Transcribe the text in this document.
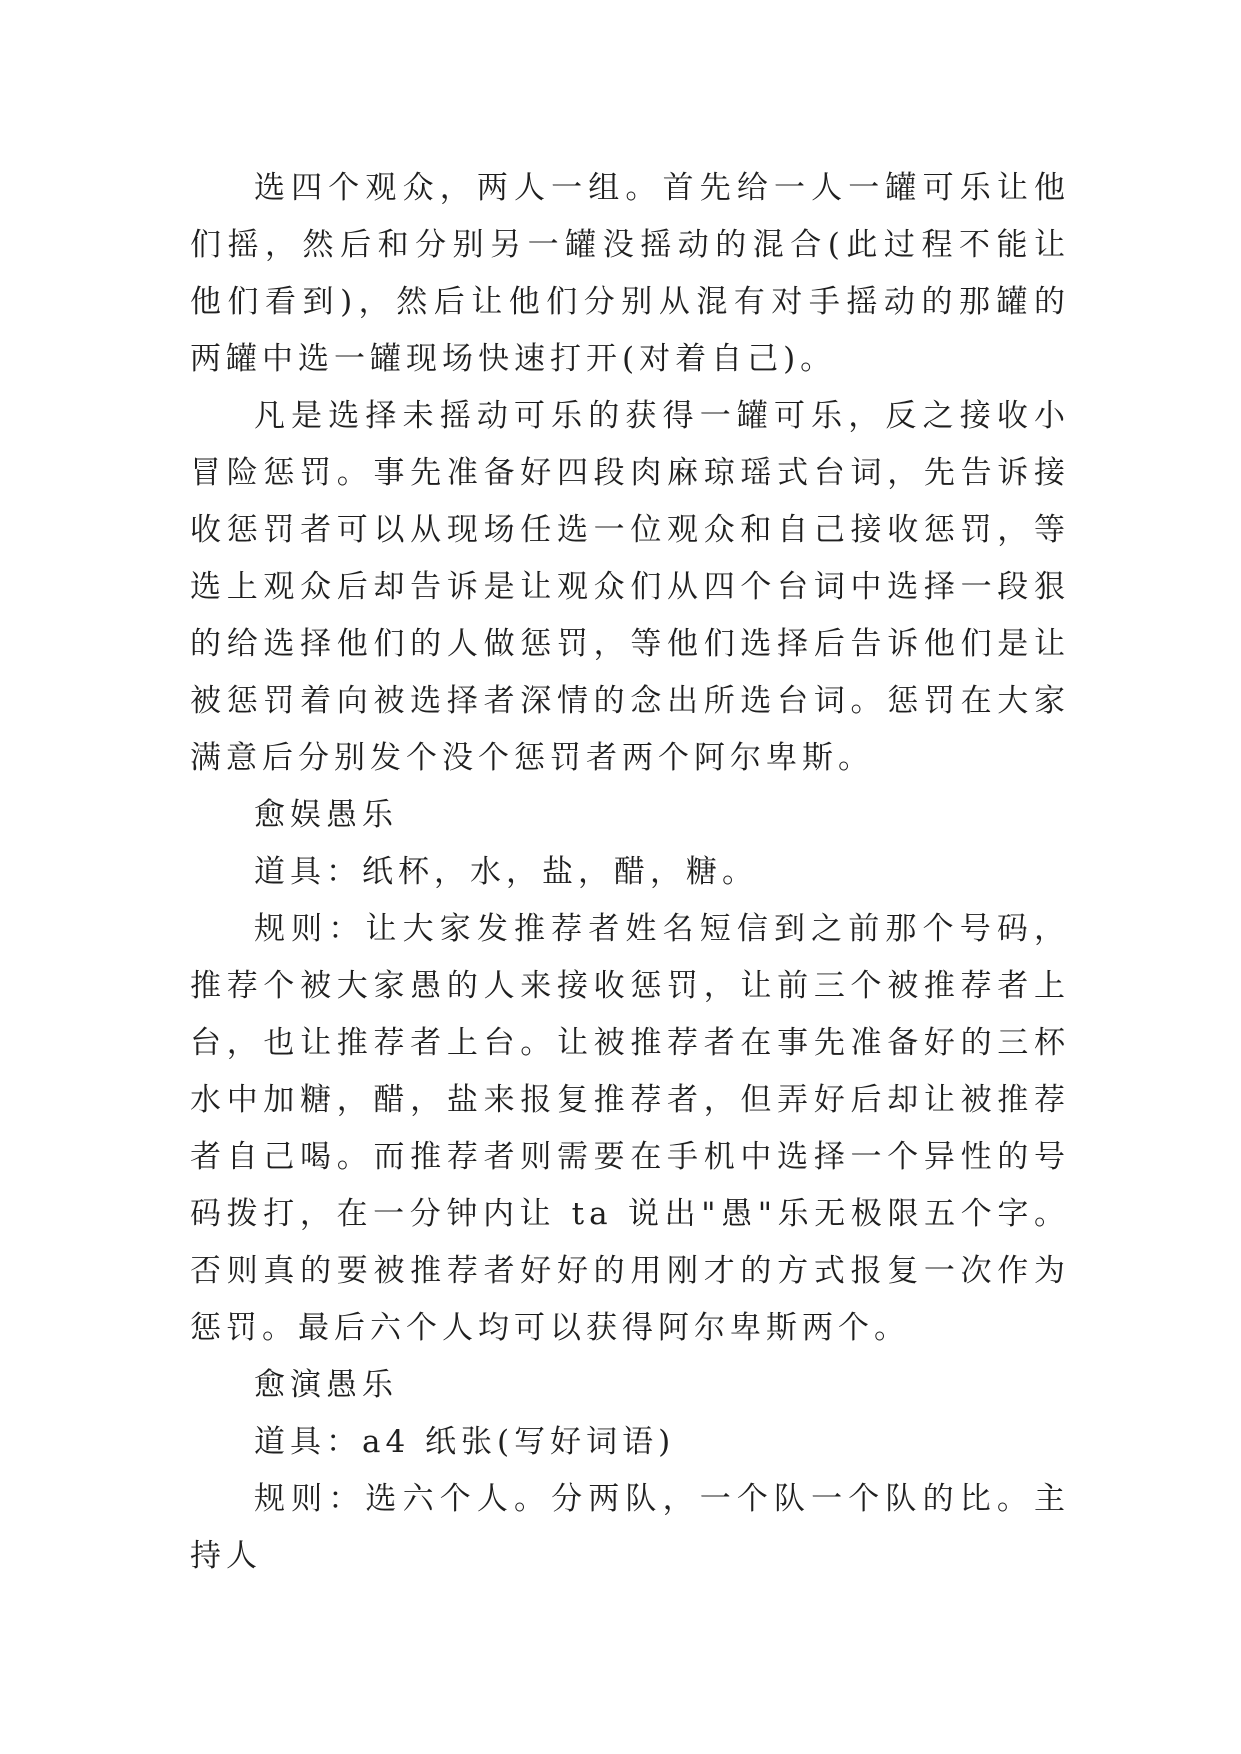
选四个观众，两人一组。首先给一人一罐可乐让他们摇，然后和分别另一罐没摇动的混合(此过程不能让他们看到)，然后让他们分别从混有对手摇动的那罐的两罐中选一罐现场快速打开(对着自己)。

凡是选择未摇动可乐的获得一罐可乐，反之接收小冒险惩罚。事先准备好四段肉麻琼瑶式台词，先告诉接收惩罚者可以从现场任选一位观众和自己接收惩罚，等选上观众后却告诉是让观众们从四个台词中选择一段狠的给选择他们的人做惩罚，等他们选择后告诉他们是让被惩罚着向被选择者深情的念出所选台词。惩罚在大家满意后分别发个没个惩罚者两个阿尔卑斯。

愈娱愚乐

道具：纸杯，水，盐，醋，糖。

规则：让大家发推荐者姓名短信到之前那个号码，推荐个被大家愚的人来接收惩罚，让前三个被推荐者上台，也让推荐者上台。让被推荐者在事先准备好的三杯水中加糖，醋，盐来报复推荐者，但弄好后却让被推荐者自己喝。而推荐者则需要在手机中选择一个异性的号码拨打，在一分钟内让 ta 说出"愚"乐无极限五个字。否则真的要被推荐者好好的用刚才的方式报复一次作为惩罚。最后六个人均可以获得阿尔卑斯两个。

愈演愚乐

道具：a4 纸张(写好词语)

规则：选六个人。分两队，一个队一个队的比。主持人
